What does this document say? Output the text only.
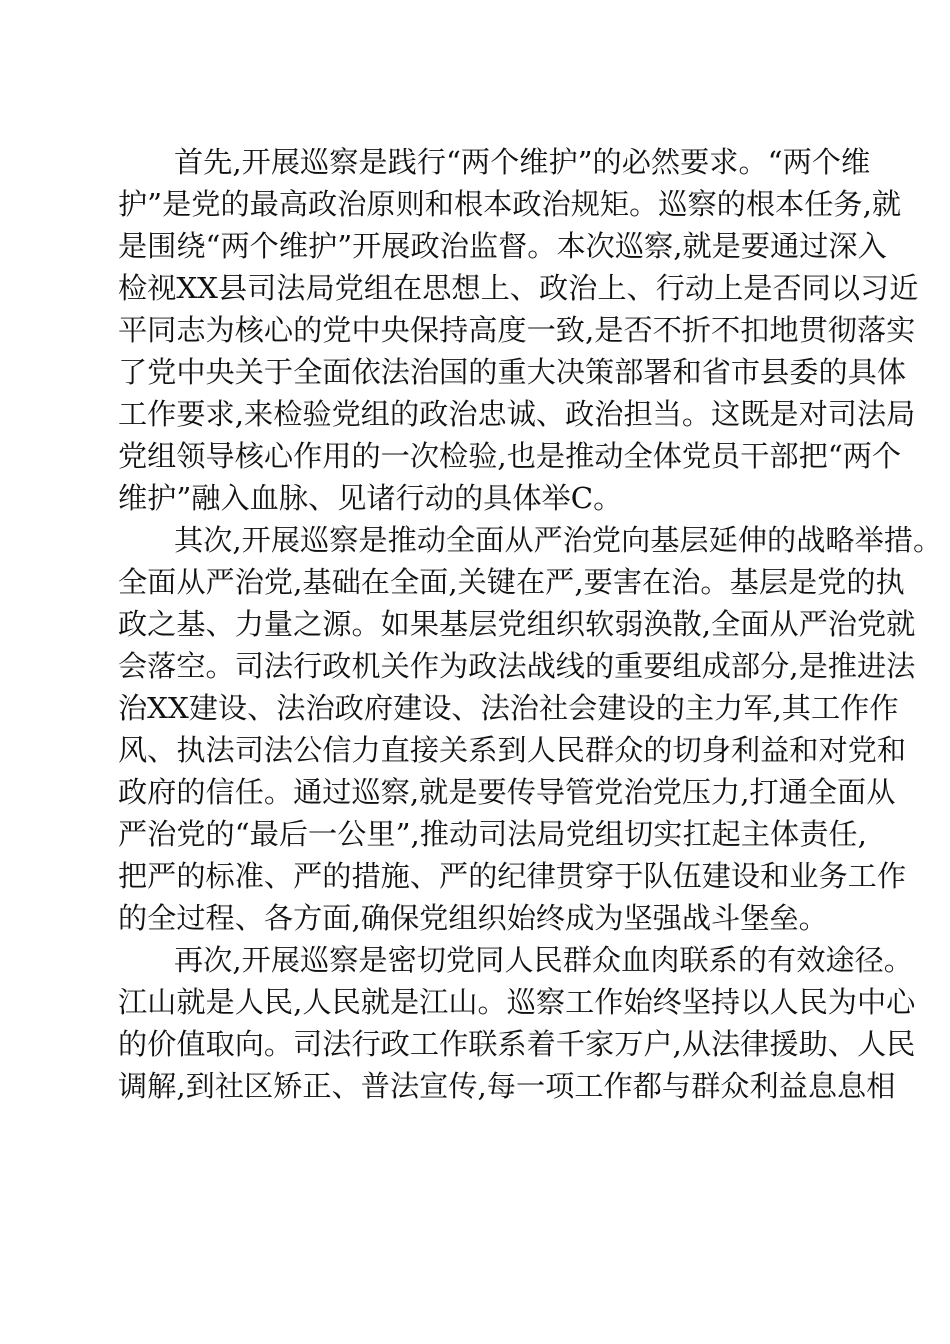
首先,开展巡察是践行“两个维护”的必然要求。“两个维
护”是党的最高政治原则和根本政治规矩。巡察的根本任务,就
是围绕“两个维护”开展政治监督。本次巡察,就是要通过深入
检视XX县司法局党组在思想上、政治上、行动上是否同以习近
平同志为核心的党中央保持高度一致,是否不折不扣地贯彻落实
了党中央关于全面依法治国的重大决策部署和省市县委的具体
工作要求,来检验党组的政治忠诚、政治担当。这既是对司法局
党组领导核心作用的一次检验,也是推动全体党员干部把“两个
维护”融入血脉、见诸行动的具体举C。
其次,开展巡察是推动全面从严治党向基层延伸的战略举措。
全面从严治党,基础在全面,关键在严,要害在治。基层是党的执
政之基、力量之源。如果基层党组织软弱涣散,全面从严治党就
会落空。司法行政机关作为政法战线的重要组成部分,是推进法
治XX建设、法治政府建设、法治社会建设的主力军,其工作作
风、执法司法公信力直接关系到人民群众的切身利益和对党和
政府的信任。通过巡察,就是要传导管党治党压力,打通全面从
严治党的“最后一公里”,推动司法局党组切实扛起主体责任,
把严的标准、严的措施、严的纪律贯穿于队伍建设和业务工作
的全过程、各方面,确保党组织始终成为坚强战斗堡垒。
再次,开展巡察是密切党同人民群众血肉联系的有效途径。
江山就是人民,人民就是江山。巡察工作始终坚持以人民为中心
的价值取向。司法行政工作联系着千家万户,从法律援助、人民
调解,到社区矫正、普法宣传,每一项工作都与群众利益息息相
